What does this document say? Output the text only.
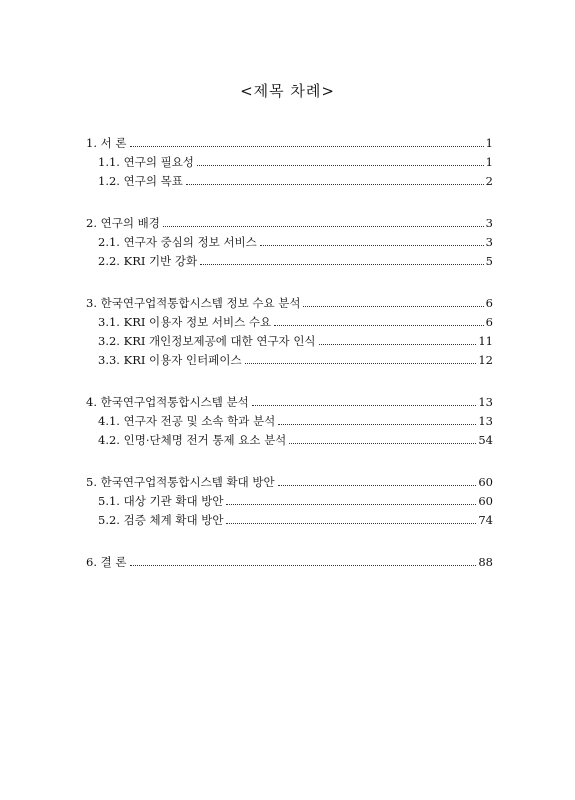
<제목 차례>
1. 서 론	1
1.1. 연구의 필요성	1
1.2. 연구의 목표	2
2. 연구의 배경	3
2.1. 연구자 중심의 정보 서비스	3
2.2. KRI 기반 강화	5
3. 한국연구업적통합시스템 정보 수요 분석	6
3.1. KRI 이용자 정보 서비스 수요	6
3.2. KRI 개인정보제공에 대한 연구자 인식	11
3.3. KRI 이용자 인터페이스	12
4. 한국연구업적통합시스템 분석	13
4.1. 연구자 전공 및 소속 학과 분석	13
4.2. 인명·단체명 전거 통제 요소 분석	54
5. 한국연구업적통합시스템 확대 방안	60
5.1. 대상 기관 확대 방안	60
5.2. 검증 체계 확대 방안	74
6. 결 론	88
